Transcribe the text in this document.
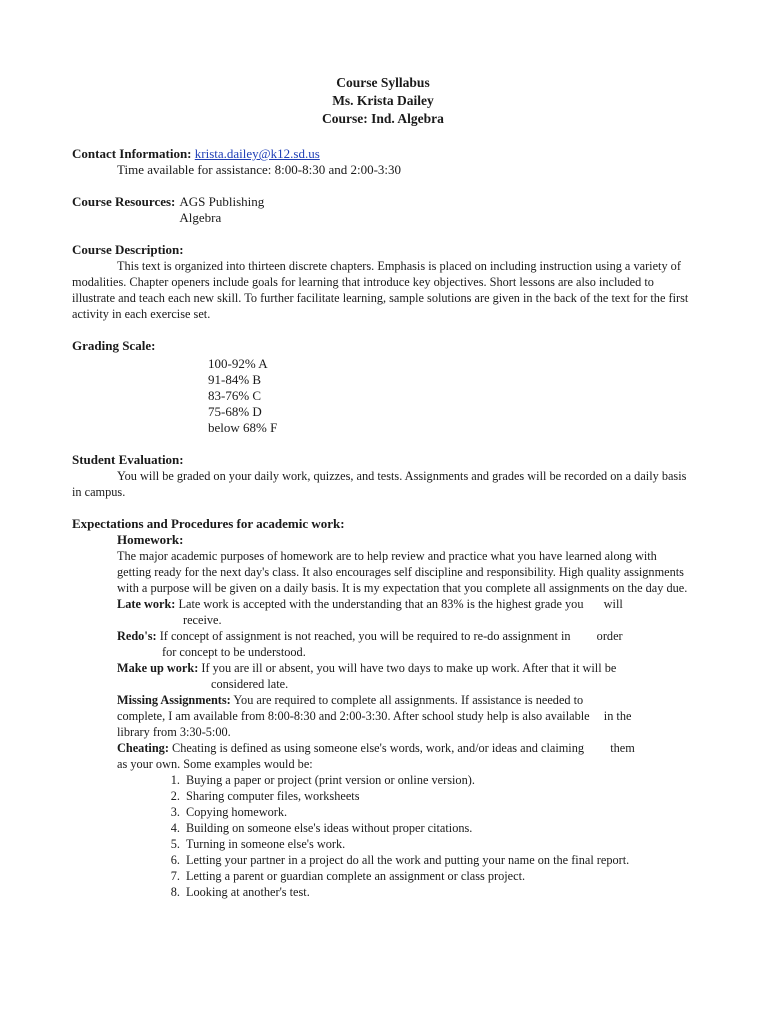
Course Syllabus
Ms. Krista Dailey
Course: Ind. Algebra
Contact Information: krista.dailey@k12.sd.us
Time available for assistance: 8:00-8:30 and 2:00-3:30
Course Resources: AGS Publishing
Algebra
Course Description:

This text is organized into thirteen discrete chapters. Emphasis is placed on including instruction using a variety of modalities. Chapter openers include goals for learning that introduce key objectives. Short lessons are also included to illustrate and teach each new skill. To further facilitate learning, sample solutions are given in the back of the text for the first activity in each exercise set.

Grading Scale:
100-92% A
91-84% B
83-76% C
75-68% D
below 68% F
Student Evaluation:

You will be graded on your daily work, quizzes, and tests. Assignments and grades will be recorded on a daily basis in campus.

Expectations and Procedures for academic work:
Homework:

The major academic purposes of homework are to help review and practice what you have learned along with getting ready for the next day's class. It also encourages self discipline and responsibility. High quality assignments with a purpose will be given on a daily basis. It is my expectation that you complete all assignments on the day due.

Late work: Late work is accepted with the understanding that an 83% is the highest grade you will
receive.
Redo's: If concept of assignment is not reached, you will be required to re-do assignment in order
for concept to be understood.
Make up work: If you are ill or absent, you will have two days to make up work. After that it will be
considered late.
Missing Assignments: You are required to complete all assignments. If assistance is needed to
complete, I am available from 8:00-8:30 and 2:00-3:30. After school study help is also available in the
library from 3:30-5:00.
Cheating: Cheating is defined as using someone else's words, work, and/or ideas and claiming them
as your own. Some examples would be:
1. Buying a paper or project (print version or online version).
2. Sharing computer files, worksheets
3. Copying homework.
4. Building on someone else's ideas without proper citations.
5. Turning in someone else's work.
6. Letting your partner in a project do all the work and putting your name on the final report.
7. Letting a parent or guardian complete an assignment or class project.
8. Looking at another's test.
